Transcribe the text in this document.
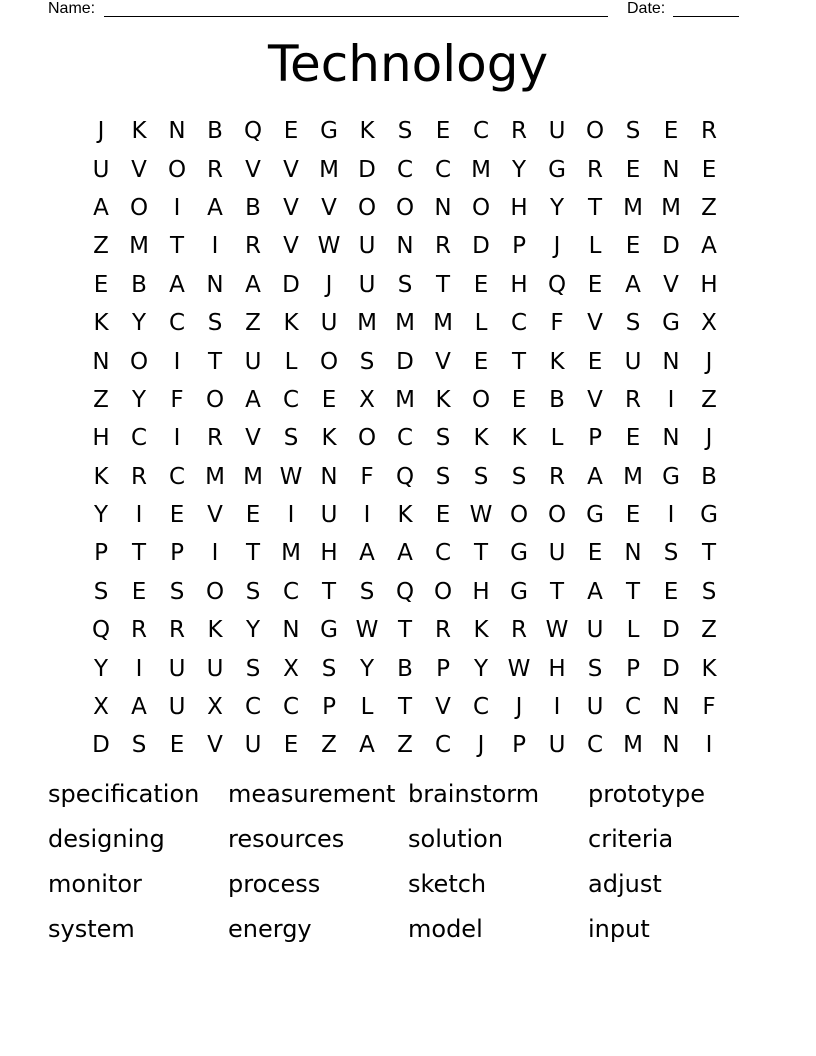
Name:	Date:
Technology
J	K N B Q E G K	S	E C R U O S	E R
U V O R V V M D C C M Y G R E N E
A O	I	A B V V O O N O H Y	T M M Z
Z M T	I	R V W U N R D P	J	L	E D A
E B A N A D	J	U S	T	E H Q E A V H
K	Y C S Z K U M M M L	C	F	V S G X
N O	I	T U	L O S D V E	T	K	E U N	J
Z	Y	F O A C E X M K O E B V R	I	Z
H C	I	R V S	K O C S	K K	L	P	E N	J
K R C M M W N F Q S	S	S R A M G B
Y	I	E V E	I	U	I	K	E W O O G E	I	G
P	T	P	I	T M H A A C T G U E N S	T
S	E	S O S C T	S Q O H G T	A	T	E	S
Q R R K	Y N G W T R K R W U	L D Z
Y	I	U U S X S	Y	B	P	Y W H S	P D K
X A U X C C	P	L	T	V C	J	I	U C N F
D S	E V U E Z A Z C	J	P U C M N	I
specification	measurement brainstorm	prototype
designing	resources	solution	criteria
monitor	process	sketch	adjust
system	energy	model	input
